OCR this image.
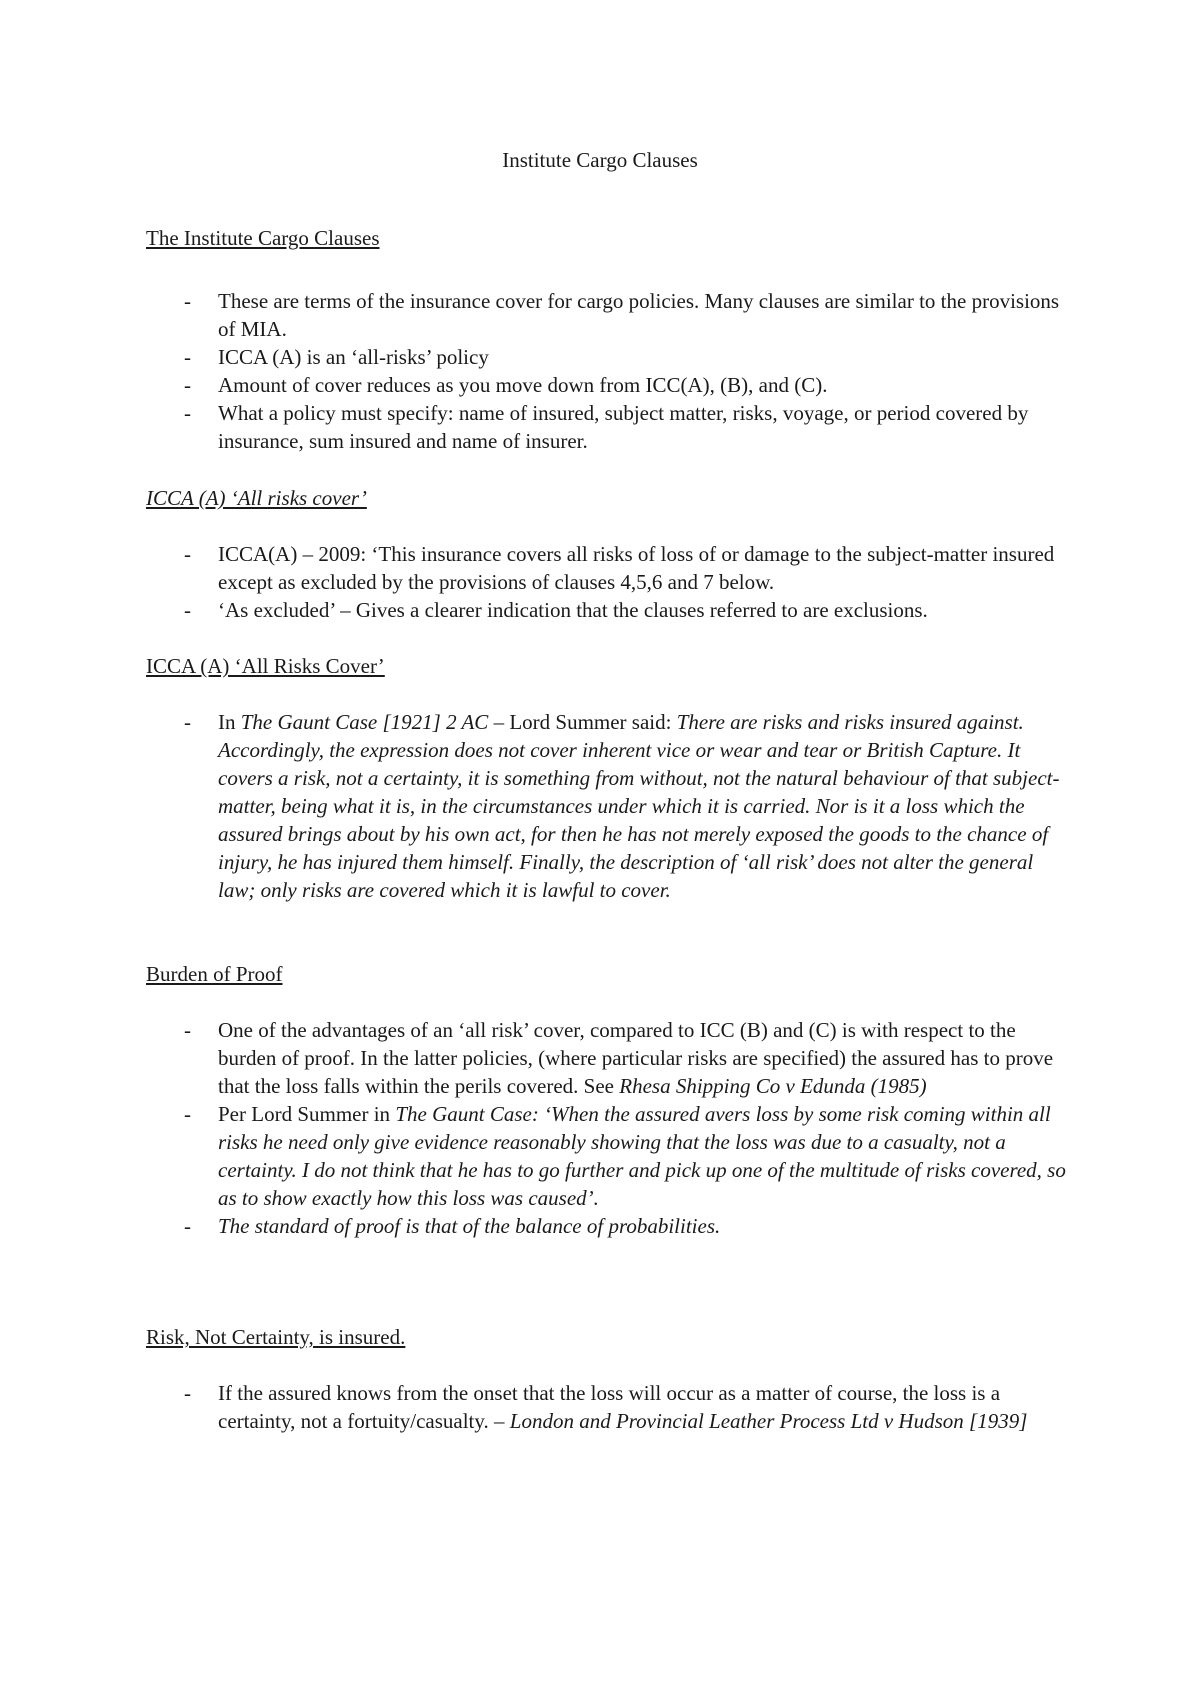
Institute Cargo Clauses
The Institute Cargo Clauses
- These are terms of the insurance cover for cargo policies. Many clauses are similar to the provisions of MIA.
- ICCA (A) is an ‘all-risks’ policy
- Amount of cover reduces as you move down from ICC(A), (B), and (C).
- What a policy must specify: name of insured, subject matter, risks, voyage, or period covered by insurance, sum insured and name of insurer.
ICCA (A) ‘All risks cover’
- ICCA(A) – 2009: ‘This insurance covers all risks of loss of or damage to the subject-matter insured except as excluded by the provisions of clauses 4,5,6 and 7 below.
- ‘As excluded’ – Gives a clearer indication that the clauses referred to are exclusions.
ICCA (A) ‘All Risks Cover’
- In The Gaunt Case [1921] 2 AC – Lord Summer said: There are risks and risks insured against. Accordingly, the expression does not cover inherent vice or wear and tear or British Capture. It covers a risk, not a certainty, it is something from without, not the natural behaviour of that subject-matter, being what it is, in the circumstances under which it is carried. Nor is it a loss which the assured brings about by his own act, for then he has not merely exposed the goods to the chance of injury, he has injured them himself. Finally, the description of ‘all risk’ does not alter the general law; only risks are covered which it is lawful to cover.
Burden of Proof
- One of the advantages of an ‘all risk’ cover, compared to ICC (B) and (C) is with respect to the burden of proof. In the latter policies, (where particular risks are specified) the assured has to prove that the loss falls within the perils covered. See Rhesa Shipping Co v Edunda (1985)
- Per Lord Summer in The Gaunt Case: ‘When the assured avers loss by some risk coming within all risks he need only give evidence reasonably showing that the loss was due to a casualty, not a certainty. I do not think that he has to go further and pick up one of the multitude of risks covered, so as to show exactly how this loss was caused’.
- The standard of proof is that of the balance of probabilities.
Risk, Not Certainty, is insured.
- If the assured knows from the onset that the loss will occur as a matter of course, the loss is a certainty, not a fortuity/casualty. – London and Provincial Leather Process Ltd v Hudson [1939]
